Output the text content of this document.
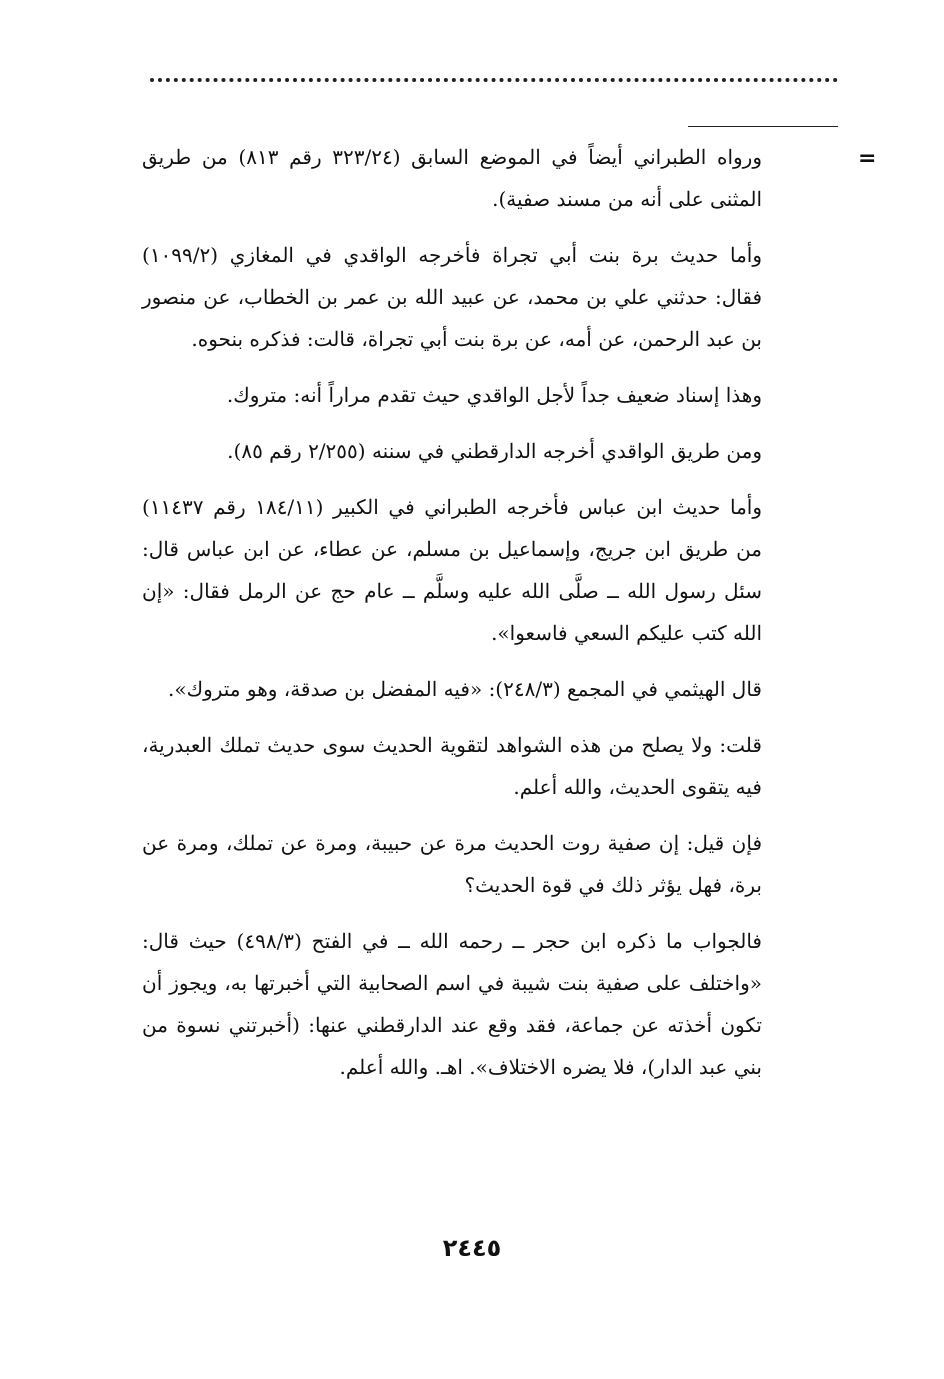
=

ورواه الطبراني أيضاً في الموضع السابق (٣٢٣/٢٤ رقم ٨١٣) من طريق المثنى على أنه من مسند صفية).

وأما حديث برة بنت أبي تجراة فأخرجه الواقدي في المغازي (١٠٩٩/٢) فقال: حدثني علي بن محمد، عن عبيد الله بن عمر بن الخطاب، عن منصور بن عبد الرحمن، عن أمه، عن برة بنت أبي تجراة، قالت: فذكره بنحوه.

وهذا إسناد ضعيف جداً لأجل الواقدي حيث تقدم مراراً أنه: متروك.

ومن طريق الواقدي أخرجه الدارقطني في سننه (٢/٢٥٥ رقم ٨٥).

وأما حديث ابن عباس فأخرجه الطبراني في الكبير (١٨٤/١١ رقم ١١٤٣٧) من طريق ابن جريج، وإسماعيل بن مسلم، عن عطاء، عن ابن عباس قال: سئل رسول الله ــ صلَّى الله عليه وسلَّم ــ عام حج عن الرمل فقال: «إن الله كتب عليكم السعي فاسعوا».

قال الهيثمي في المجمع (٢٤٨/٣): «فيه المفضل بن صدقة، وهو متروك».

قلت: ولا يصلح من هذه الشواهد لتقوية الحديث سوى حديث تملك العبدرية، فيه يتقوى الحديث، والله أعلم.

فإن قيل: إن صفية روت الحديث مرة عن حبيبة، ومرة عن تملك، ومرة عن برة، فهل يؤثر ذلك في قوة الحديث؟

فالجواب ما ذكره ابن حجر ــ رحمه الله ــ في الفتح (٤٩٨/٣) حيث قال: «واختلف على صفية بنت شيبة في اسم الصحابية التي أخبرتها به، ويجوز أن تكون أخذته عن جماعة، فقد وقع عند الدارقطني عنها: (أخبرتني نسوة من بني عبد الدار)، فلا يضره الاختلاف». اهـ. والله أعلم.

٢٤٤٥
